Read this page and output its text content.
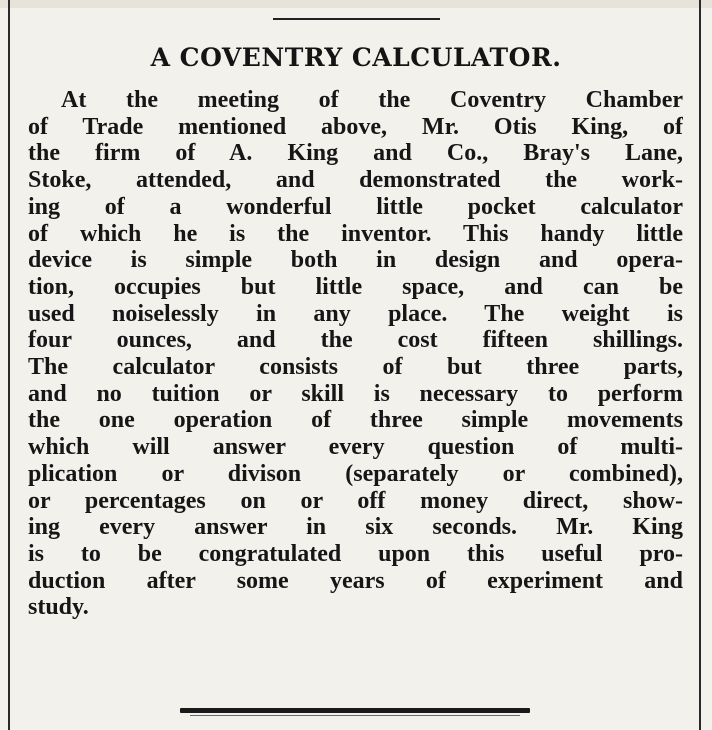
A COVENTRY CALCULATOR.
At the meeting of the Coventry Chamber
of Trade mentioned above, Mr. Otis King, of
the firm of A. King and Co., Bray's Lane,
Stoke, attended, and demonstrated the work-
ing of a wonderful little pocket calculator
of which he is the inventor. This handy little
device is simple both in design and opera-
tion, occupies but little space, and can be
used noiselessly in any place. The weight is
four ounces, and the cost fifteen shillings.
The calculator consists of but three parts,
and no tuition or skill is necessary to perform
the one operation of three simple movements
which will answer every question of multi-
plication or divison (separately or combined),
or percentages on or off money direct, show-
ing every answer in six seconds. Mr. King
is to be congratulated upon this useful pro-
duction after some years of experiment and
study.
